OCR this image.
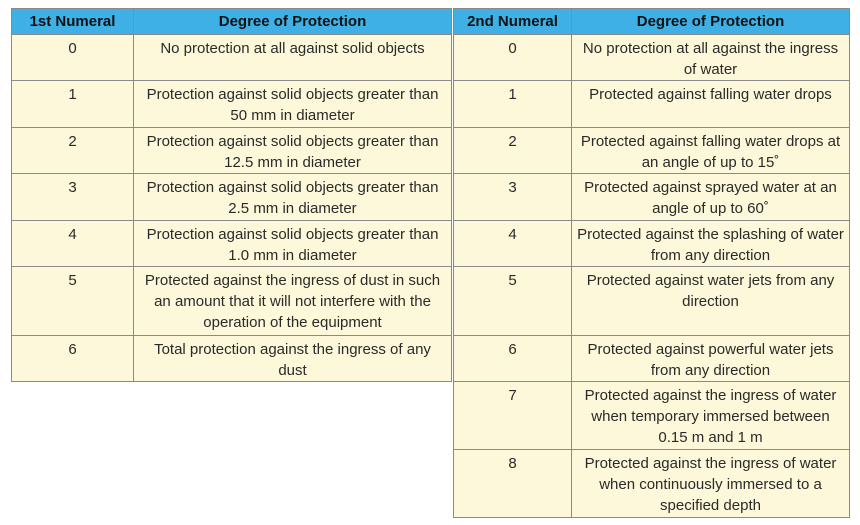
1st Numeral	Degree of Protection
0	No protection at all against solid objects
1	Protection against solid objects greater than 50 mm in diameter
2	Protection against solid objects greater than 12.5 mm in diameter
3	Protection against solid objects greater than 2.5 mm in diameter
4	Protection against solid objects greater than 1.0 mm in diameter
5	Protected against the ingress of dust in such an amount that it will not interfere with the operation of the equipment
6	Total protection against the ingress of any dust
2nd Numeral	Degree of Protection
0	No protection at all against the ingress of water
1	Protected against falling water drops
2	Protected against falling water drops at an angle of up to 15˚
3	Protected against sprayed water at an angle of up to 60˚
4	Protected against the splashing of water from any direction
5	Protected against water jets from any direction
6	Protected against powerful water jets from any direction
7	Protected against the ingress of water when temporary immersed between 0.15 m and 1 m
8	Protected against the ingress of water when continuously immersed to a specified depth
